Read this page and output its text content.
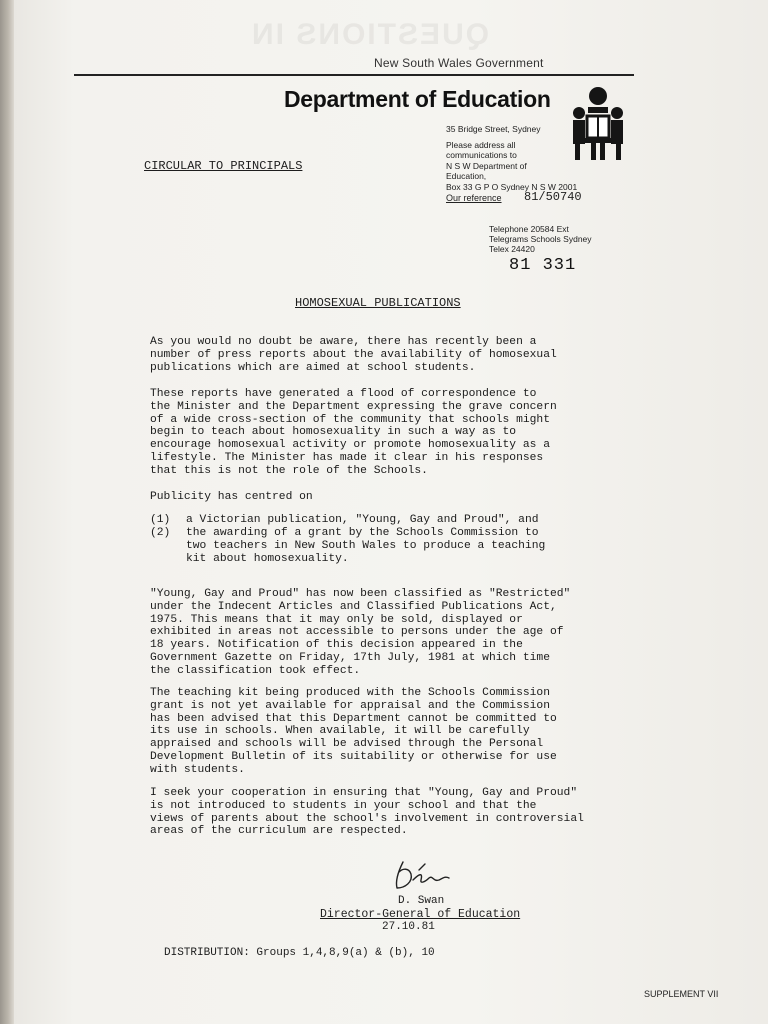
QUESTIONS IN
New South Wales Government
Department of Education
35 Bridge Street, Sydney
Please address all
communications to
N S W Department of
Education,
Box 33 G P O Sydney N S W 2001
Our reference 81/50740
CIRCULAR TO PRINCIPALS
Telephone 20584 Ext
Telegrams Schools Sydney
Telex 24420
81 331
HOMOSEXUAL PUBLICATIONS
As you would no doubt be aware, there has recently been a
number of press reports about the availability of homosexual
publications which are aimed at school students.
These reports have generated a flood of correspondence to
the Minister and the Department expressing the grave concern
of a wide cross-section of the community that schools might
begin to teach about homosexuality in such a way as to
encourage homosexual activity or promote homosexuality as a
lifestyle. The Minister has made it clear in his responses
that this is not the role of the Schools.
Publicity has centred on
(1)	a Victorian publication, "Young, Gay and Proud", and
(2)	the awarding of a grant by the Schools Commission to
two teachers in New South Wales to produce a teaching
kit about homosexuality.
"Young, Gay and Proud" has now been classified as "Restricted"
under the Indecent Articles and Classified Publications Act,
1975. This means that it may only be sold, displayed or
exhibited in areas not accessible to persons under the age of
18 years. Notification of this decision appeared in the
Government Gazette on Friday, 17th July, 1981 at which time
the classification took effect.
The teaching kit being produced with the Schools Commission
grant is not yet available for appraisal and the Commission
has been advised that this Department cannot be committed to
its use in schools. When available, it will be carefully
appraised and schools will be advised through the Personal
Development Bulletin of its suitability or otherwise for use
with students.
I seek your cooperation in ensuring that "Young, Gay and Proud"
is not introduced to students in your school and that the
views of parents about the school's involvement in controversial
areas of the curriculum are respected.
D. Swan
Director-General of Education
27.10.81
DISTRIBUTION: Groups 1,4,8,9(a) & (b), 10
SUPPLEMENT VII
